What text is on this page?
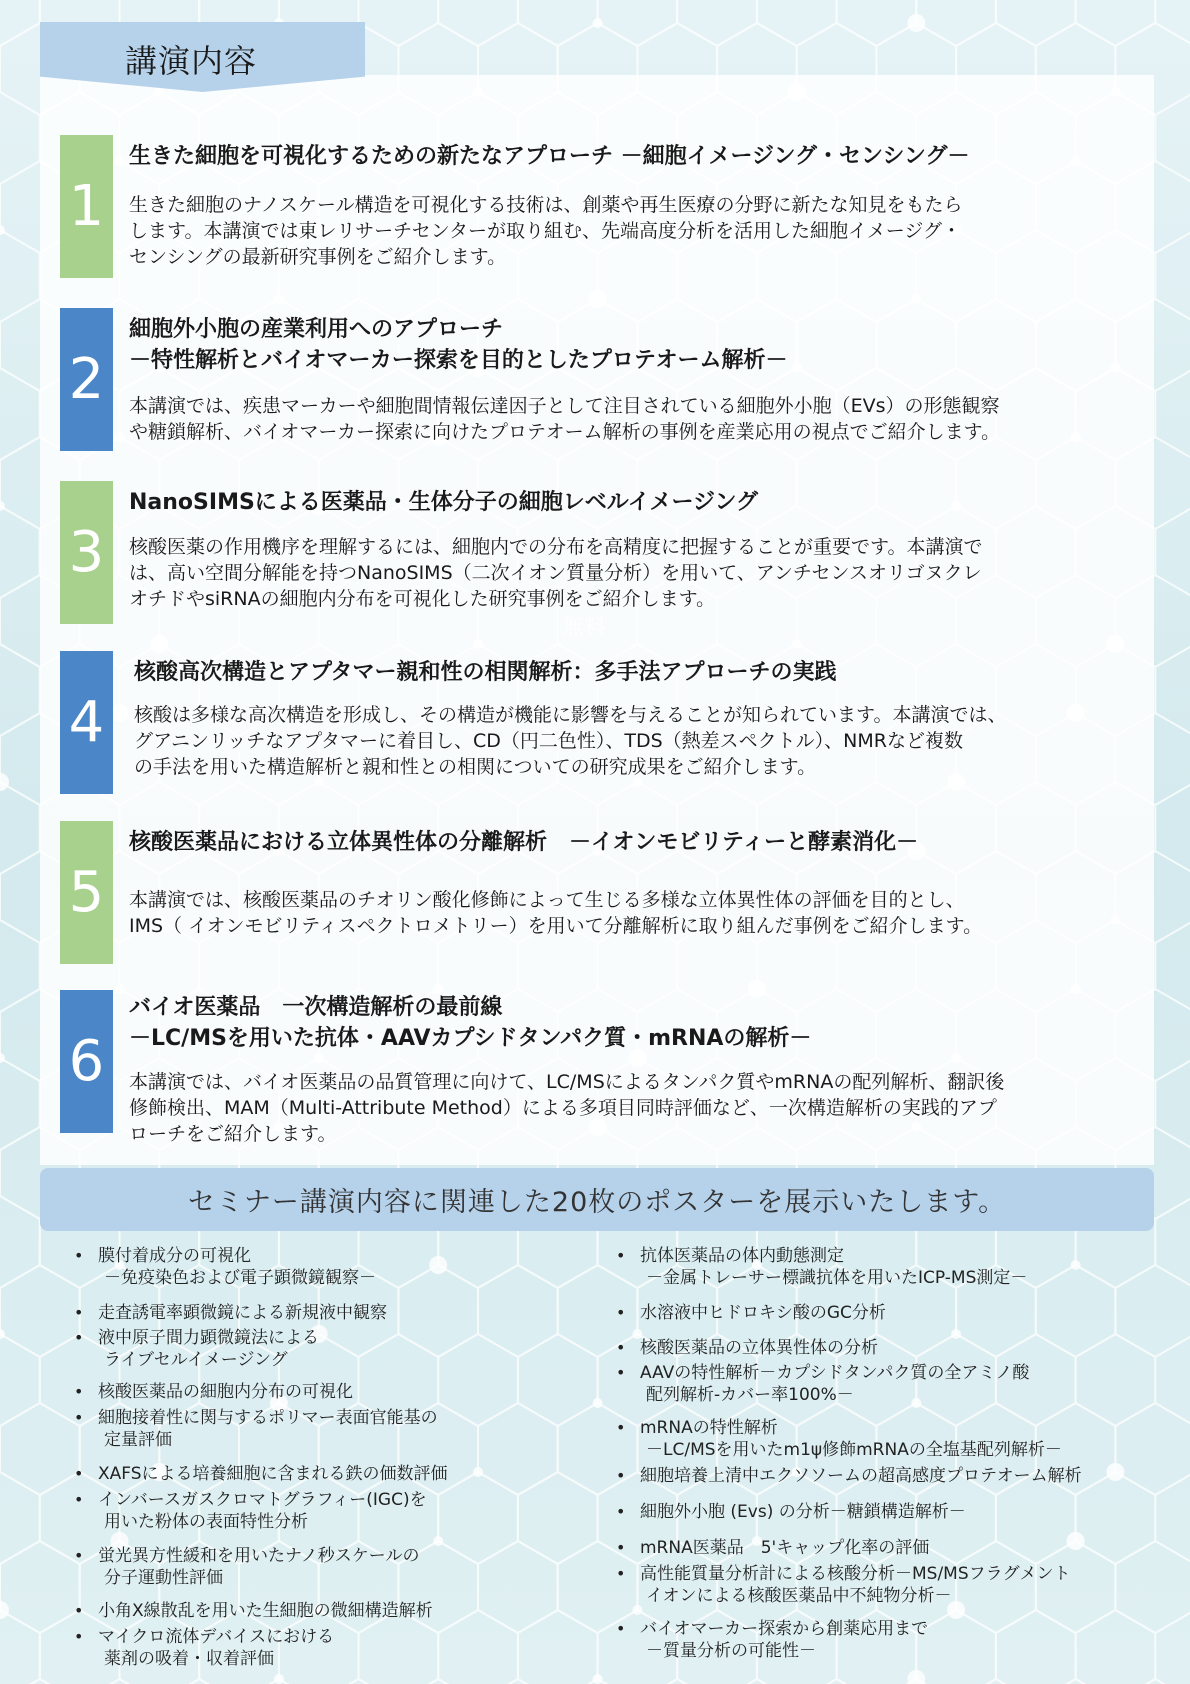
講演内容
無料
1
生きた細胞を可視化するための新たなアプローチ －細胞イメージング・センシング－
生きた細胞のナノスケール構造を可視化する技術は、創薬や再生医療の分野に新たな知見をもたら
します。本講演では東レリサーチセンターが取り組む、先端高度分析を活用した細胞イメージグ・
センシングの最新研究事例をご紹介します。
2
細胞外小胞の産業利用へのアプローチ
－特性解析とバイオマーカー探索を目的としたプロテオーム解析－
本講演では、疾患マーカーや細胞間情報伝達因子として注目されている細胞外小胞（EVs）の形態観察
や糖鎖解析、バイオマーカー探索に向けたプロテオーム解析の事例を産業応用の視点でご紹介します。
3
NanoSIMSによる医薬品・生体分子の細胞レベルイメージング
核酸医薬の作用機序を理解するには、細胞内での分布を高精度に把握することが重要です。本講演で
は、高い空間分解能を持つNanoSIMS（二次イオン質量分析）を用いて、アンチセンスオリゴヌクレ
オチドやsiRNAの細胞内分布を可視化した研究事例をご紹介します。
4
核酸高次構造とアプタマー親和性の相関解析：多手法アプローチの実践
核酸は多様な高次構造を形成し、その構造が機能に影響を与えることが知られています。本講演では、
グアニンリッチなアプタマーに着目し、CD（円二色性）、TDS（熱差スペクトル）、NMRなど複数
の手法を用いた構造解析と親和性との相関についての研究成果をご紹介します。
5
核酸医薬品における立体異性体の分離解析　－イオンモビリティーと酵素消化－
本講演では、核酸医薬品のチオリン酸化修飾によって生じる多様な立体異性体の評価を目的とし、
IMS（ イオンモビリティスペクトロメトリー）を用いて分離解析に取り組んだ事例をご紹介します。
6
バイオ医薬品　一次構造解析の最前線
－LC/MSを用いた抗体・AAVカプシドタンパク質・mRNAの解析－
本講演では、バイオ医薬品の品質管理に向けて、LC/MSによるタンパク質やmRNAの配列解析、翻訳後
修飾検出、MAM（Multi-Attribute Method）による多項目同時評価など、一次構造解析の実践的アプ
ローチをご紹介します。
セミナー講演内容に関連した20枚のポスターを展示いたします。
• 膜付着成分の可視化
－免疫染色および電子顕微鏡観察－
• 走査誘電率顕微鏡による新規液中観察
• 液中原子間力顕微鏡法による
ライブセルイメージング
• 核酸医薬品の細胞内分布の可視化
• 細胞接着性に関与するポリマー表面官能基の
定量評価
• XAFSによる培養細胞に含まれる鉄の価数評価
• インバースガスクロマトグラフィー(IGC)を
用いた粉体の表面特性分析
• 蛍光異方性緩和を用いたナノ秒スケールの
分子運動性評価
• 小角X線散乱を用いた生細胞の微細構造解析
• マイクロ流体デバイスにおける
薬剤の吸着・収着評価
• 抗体医薬品の体内動態測定
－金属トレーサー標識抗体を用いたICP-MS測定－
• 水溶液中ヒドロキシ酸のGC分析
• 核酸医薬品の立体異性体の分析
• AAVの特性解析－カプシドタンパク質の全アミノ酸
配列解析-カバー率100%－
• mRNAの特性解析
－LC/MSを用いたm1ψ修飾mRNAの全塩基配列解析－
• 細胞培養上清中エクソソームの超高感度プロテオーム解析
• 細胞外小胞 (Evs) の分析－糖鎖構造解析－
• mRNA医薬品　5'キャップ化率の評価
• 高性能質量分析計による核酸分析－MS/MSフラグメント
イオンによる核酸医薬品中不純物分析－
• バイオマーカー探索から創薬応用まで
－質量分析の可能性－
